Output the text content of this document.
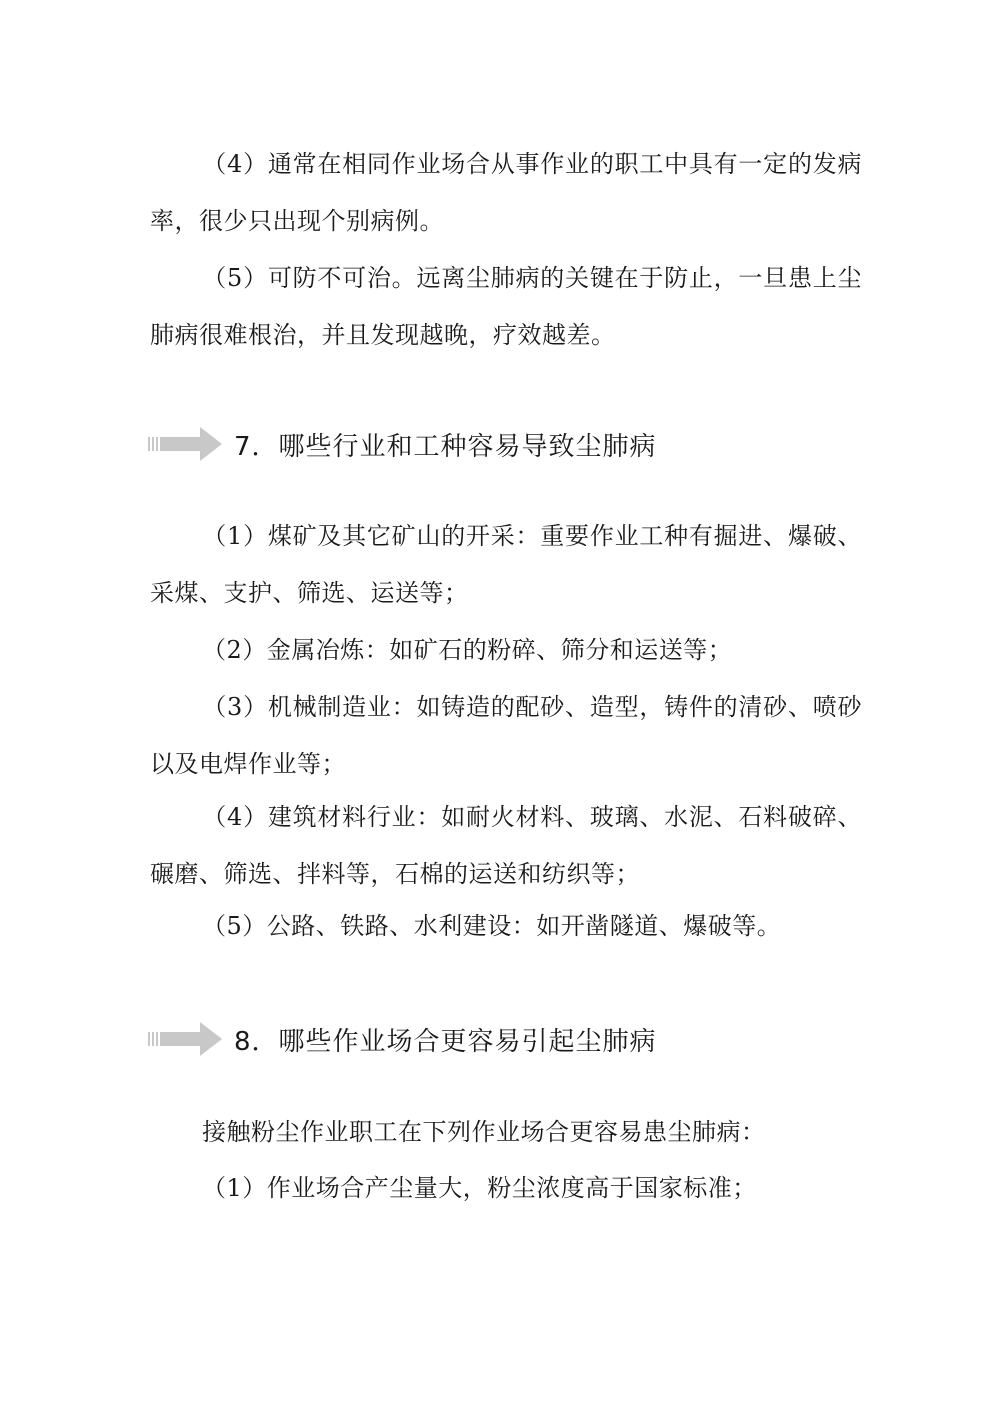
（4）通常在相同作业场合从事作业的职工中具有一定的发病率，很少只出现个别病例。

（5）可防不可治。远离尘肺病的关键在于防止，一旦患上尘肺病很难根治，并且发现越晚，疗效越差。

7．哪些行业和工种容易导致尘肺病

（1）煤矿及其它矿山的开采：重要作业工种有掘进、爆破、采煤、支护、筛选、运送等；

（2）金属冶炼：如矿石的粉碎、筛分和运送等；

（3）机械制造业：如铸造的配砂、造型，铸件的清砂、喷砂以及电焊作业等；

（4）建筑材料行业：如耐火材料、玻璃、水泥、石料破碎、碾磨、筛选、拌料等，石棉的运送和纺织等；

（5）公路、铁路、水利建设：如开凿隧道、爆破等。

8．哪些作业场合更容易引起尘肺病

接触粉尘作业职工在下列作业场合更容易患尘肺病：

（1）作业场合产尘量大，粉尘浓度高于国家标准；
